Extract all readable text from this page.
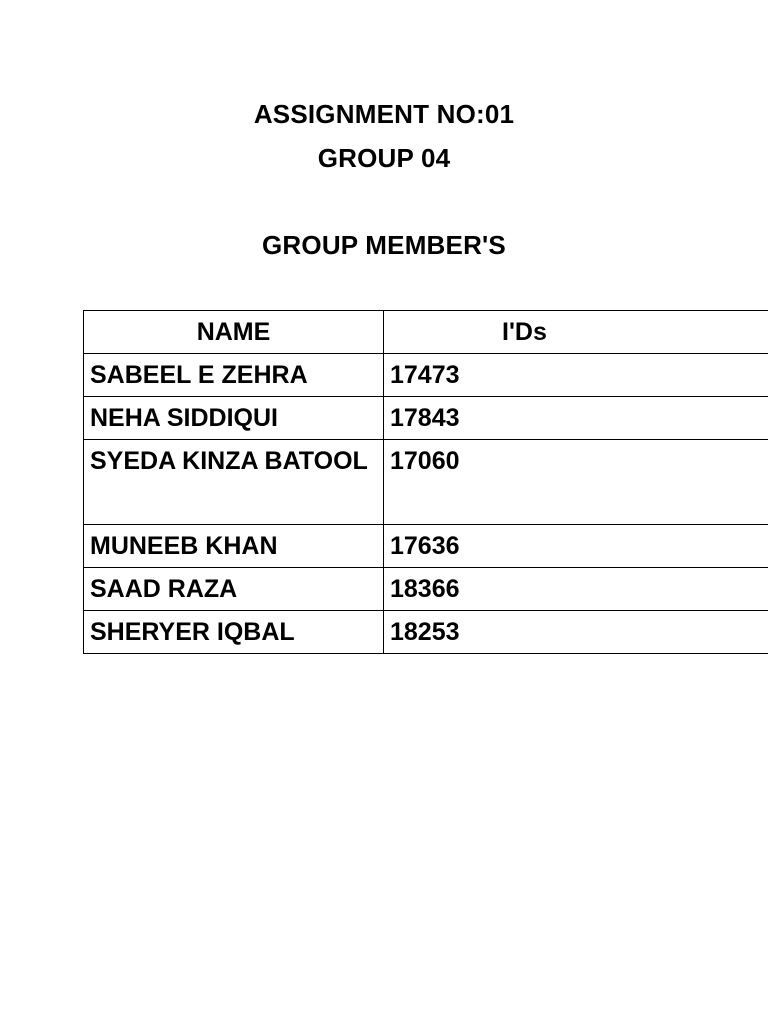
ASSIGNMENT NO:01
GROUP 04
GROUP MEMBER'S
NAME	I'Ds
SABEEL E ZEHRA	17473
NEHA SIDDIQUI	17843
SYEDA KINZA BATOOL	17060
MUNEEB KHAN	17636
SAAD RAZA	18366
SHERYER IQBAL	18253
